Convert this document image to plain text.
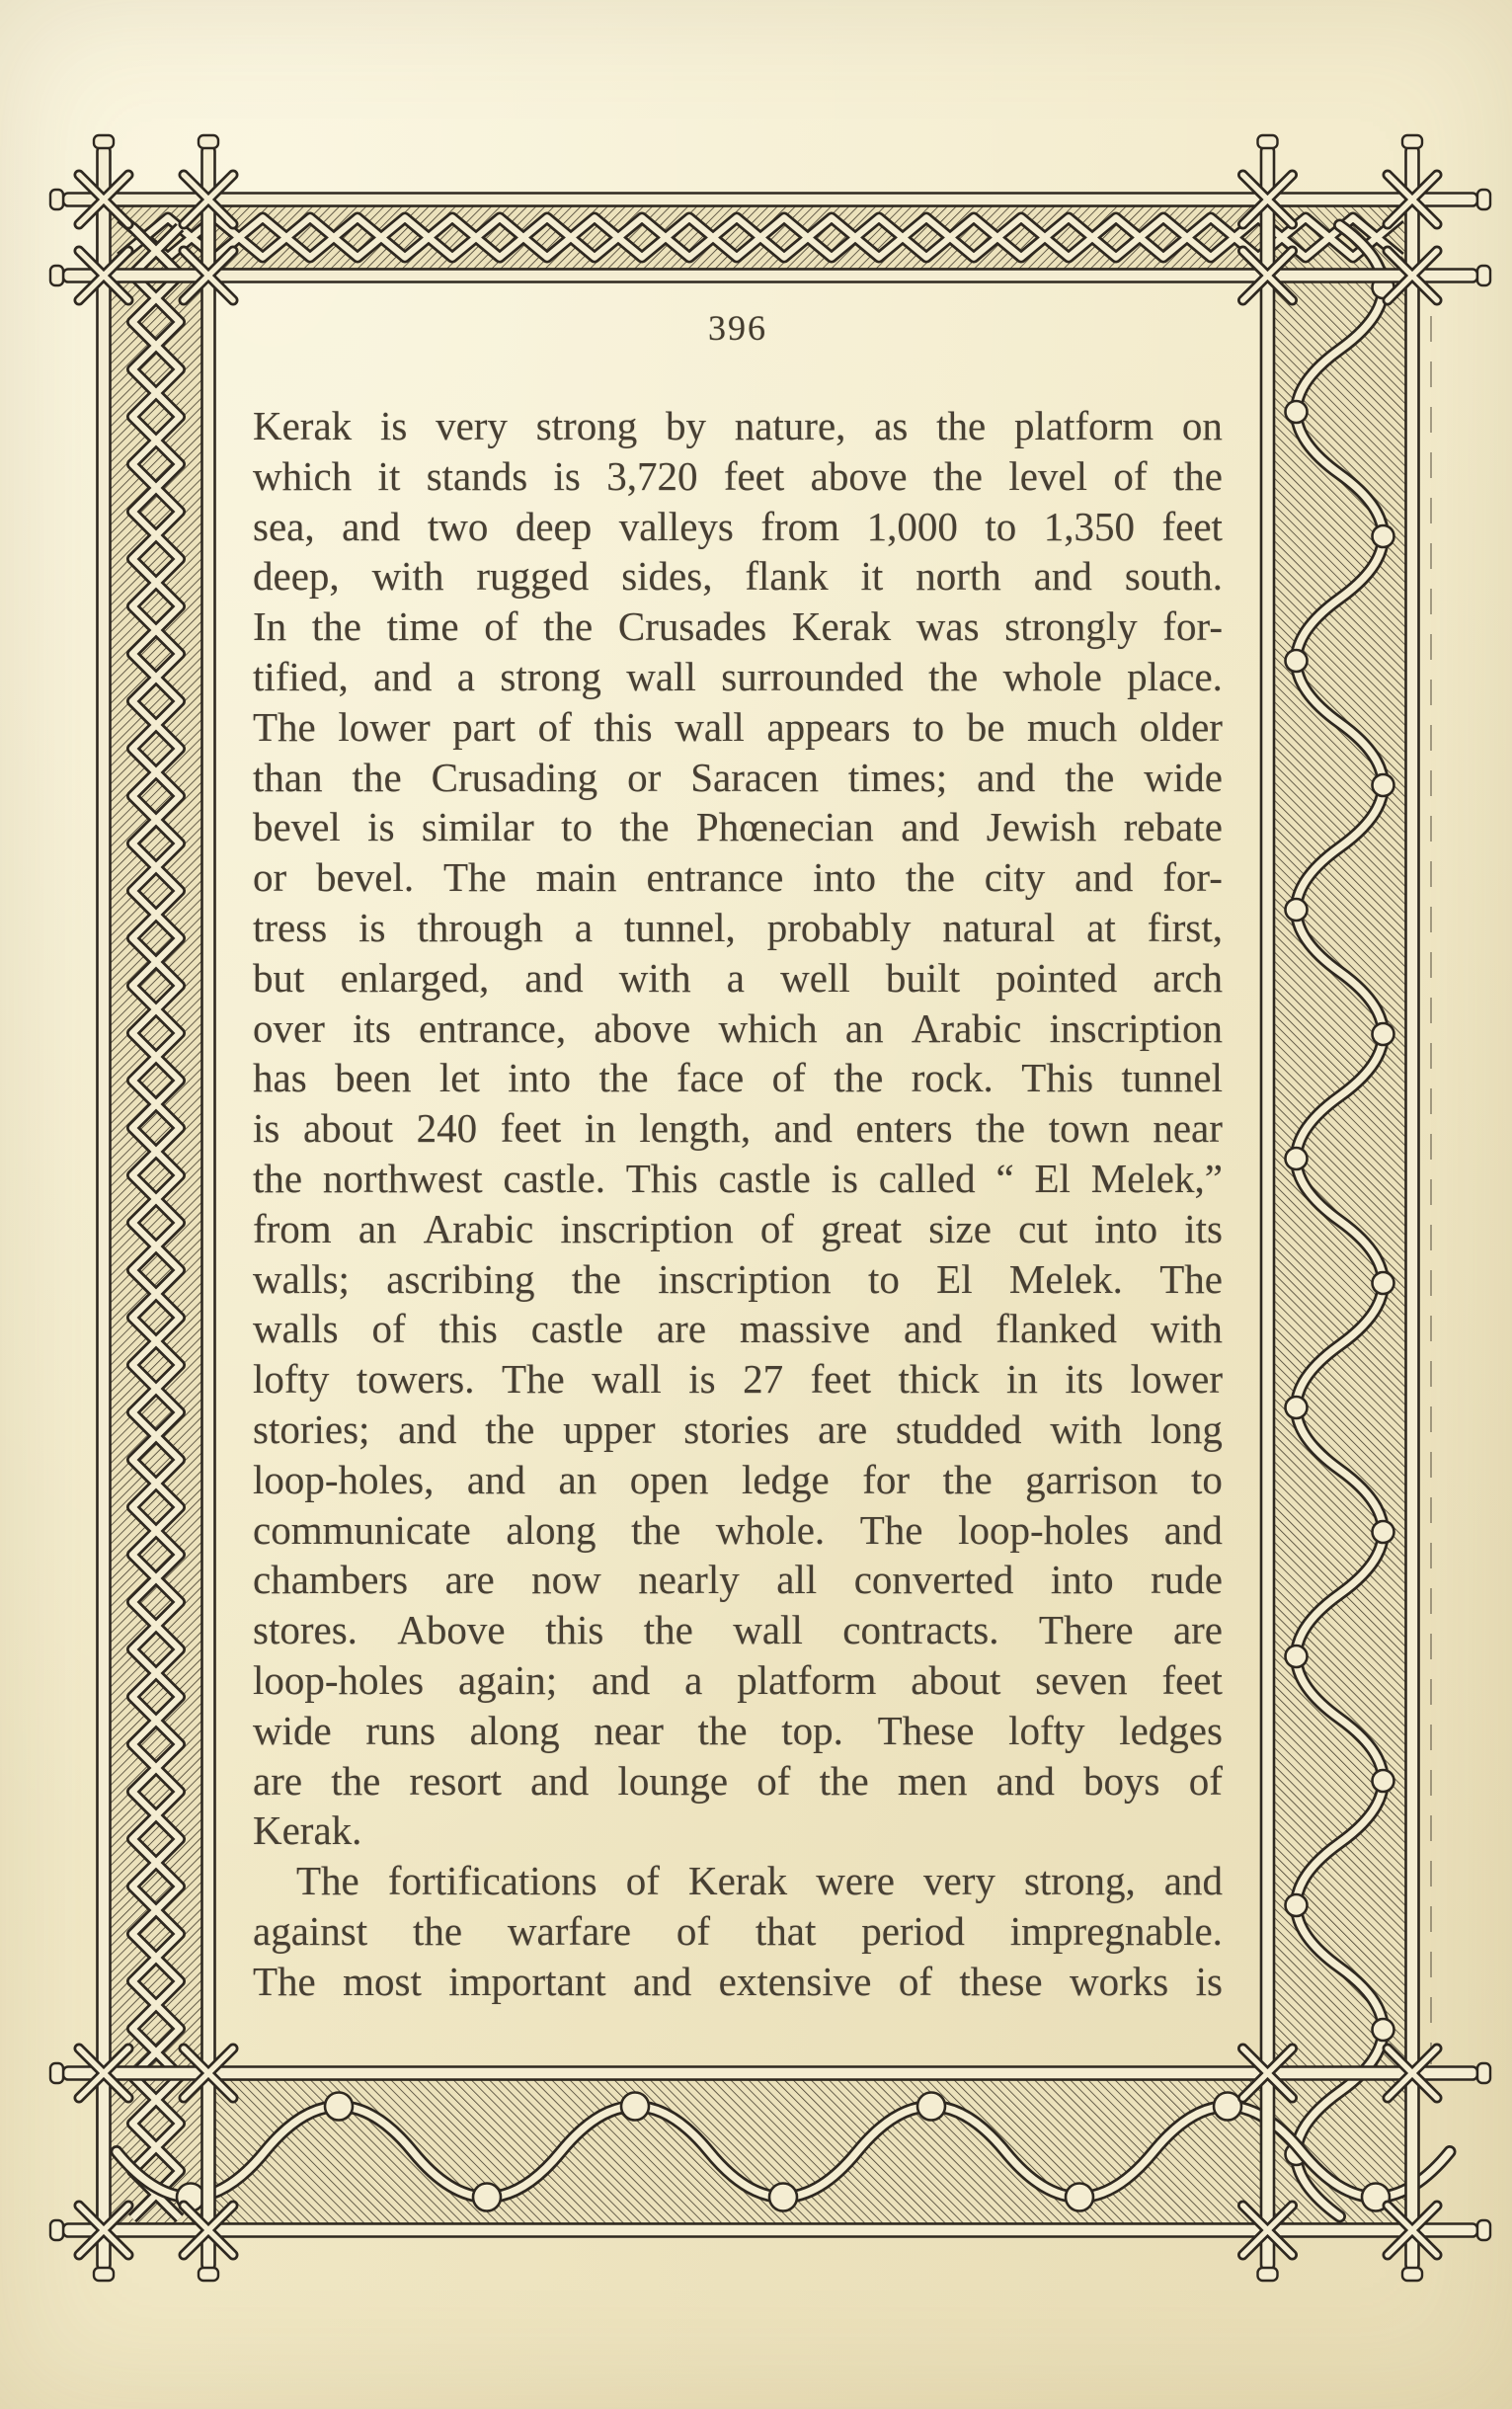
396
Kerak is very strong by nature, as the platform on
which it stands is 3,720 feet above the level of the
sea, and two deep valleys from 1,000 to 1,350 feet
deep, with rugged sides, flank it north and south.
In the time of the Crusades Kerak was strongly for-
tified, and a strong wall surrounded the whole place.
The lower part of this wall appears to be much older
than the Crusading or Saracen times; and the wide
bevel is similar to the Phœnecian and Jewish rebate
or bevel. The main entrance into the city and for-
tress is through a tunnel, probably natural at first,
but enlarged, and with a well built pointed arch
over its entrance, above which an Arabic inscription
has been let into the face of the rock. This tunnel
is about 240 feet in length, and enters the town near
the northwest castle. This castle is called “ El Melek,”
from an Arabic inscription of great size cut into its
walls; ascribing the inscription to El Melek. The
walls of this castle are massive and flanked with
lofty towers. The wall is 27 feet thick in its lower
stories; and the upper stories are studded with long
loop-holes, and an open ledge for the garrison to
communicate along the whole. The loop-holes and
chambers are now nearly all converted into rude
stores. Above this the wall contracts. There are
loop-holes again; and a platform about seven feet
wide runs along near the top. These lofty ledges
are the resort and lounge of the men and boys of
Kerak.
The fortifications of Kerak were very strong, and
against the warfare of that period impregnable.
The most important and extensive of these works is
